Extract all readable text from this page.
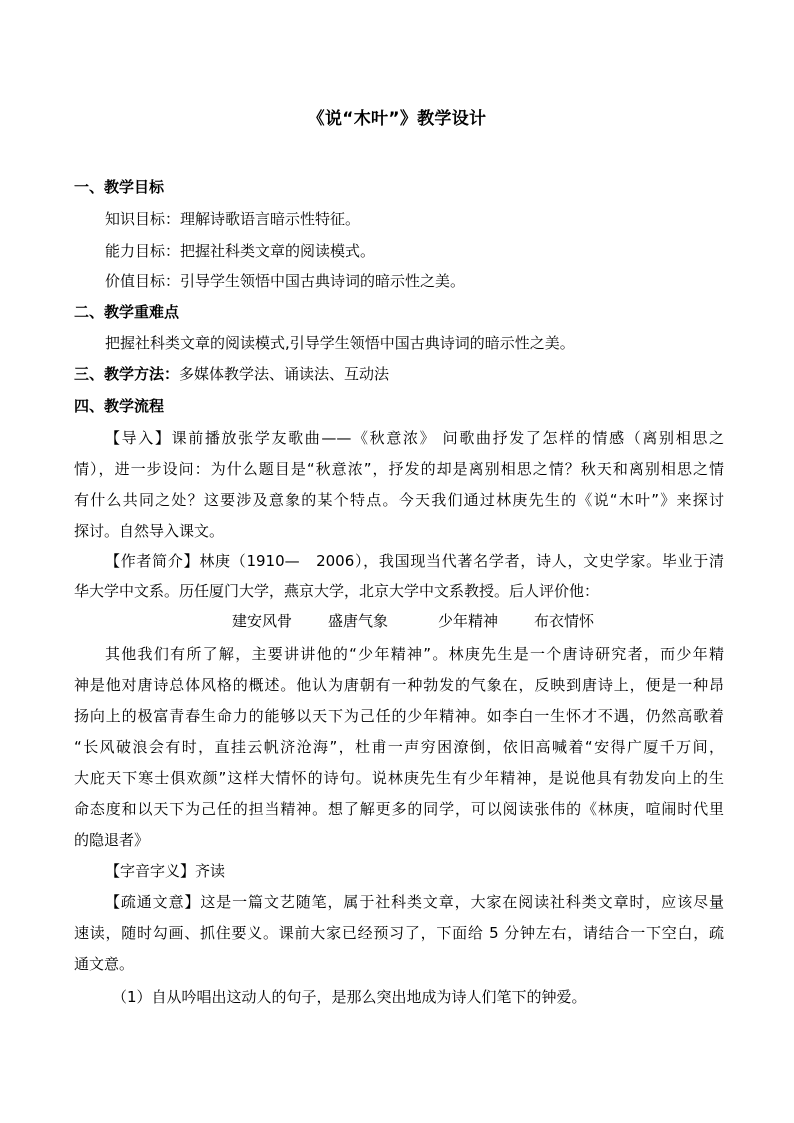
《说“木叶”》教学设计
一、教学目标
知识目标：理解诗歌语言暗示性特征。
能力目标：把握社科类文章的阅读模式。
价值目标：引导学生领悟中国古典诗词的暗示性之美。
二、教学重难点
把握社科类文章的阅读模式,引导学生领悟中国古典诗词的暗示性之美。
三、教学方法：多媒体教学法、诵读法、互动法
四、教学流程
【导入】课前播放张学友歌曲——《秋意浓》 问歌曲抒发了怎样的情感（离别相思之
情），进一步设问：为什么题目是“秋意浓”，抒发的却是离别相思之情？秋天和离别相思之情
有什么共同之处？这要涉及意象的某个特点。今天我们通过林庚先生的《说“木叶”》来探讨
探讨。自然导入课文。
【作者简介】林庚（1910—　2006），我国现当代著名学者，诗人，文史学家。毕业于清
华大学中文系。历任厦门大学，燕京大学，北京大学中文系教授。后人评价他：
建安风骨 盛唐气象	少年精神 布衣情怀
其他我们有所了解，主要讲讲他的“少年精神”。林庚先生是一个唐诗研究者，而少年精
神是他对唐诗总体风格的概述。他认为唐朝有一种勃发的气象在，反映到唐诗上，便是一种昂
扬向上的极富青春生命力的能够以天下为己任的少年精神。如李白一生怀才不遇，仍然高歌着
“长风破浪会有时，直挂云帆济沧海”，杜甫一声穷困潦倒，依旧高喊着“安得广厦千万间，
大庇天下寒士俱欢颜”这样大情怀的诗句。说林庚先生有少年精神，是说他具有勃发向上的生
命态度和以天下为己任的担当精神。想了解更多的同学，可以阅读张伟的《林庚，喧闹时代里
的隐退者》
【字音字义】齐读
【疏通文意】这是一篇文艺随笔，属于社科类文章，大家在阅读社科类文章时，应该尽量
速读，随时勾画、抓住要义。课前大家已经预习了，下面给 5 分钟左右，请结合一下空白，疏
通文意。
（1）自从吟唱出这动人的句子，是那么突出地成为诗人们笔下的钟爱。
